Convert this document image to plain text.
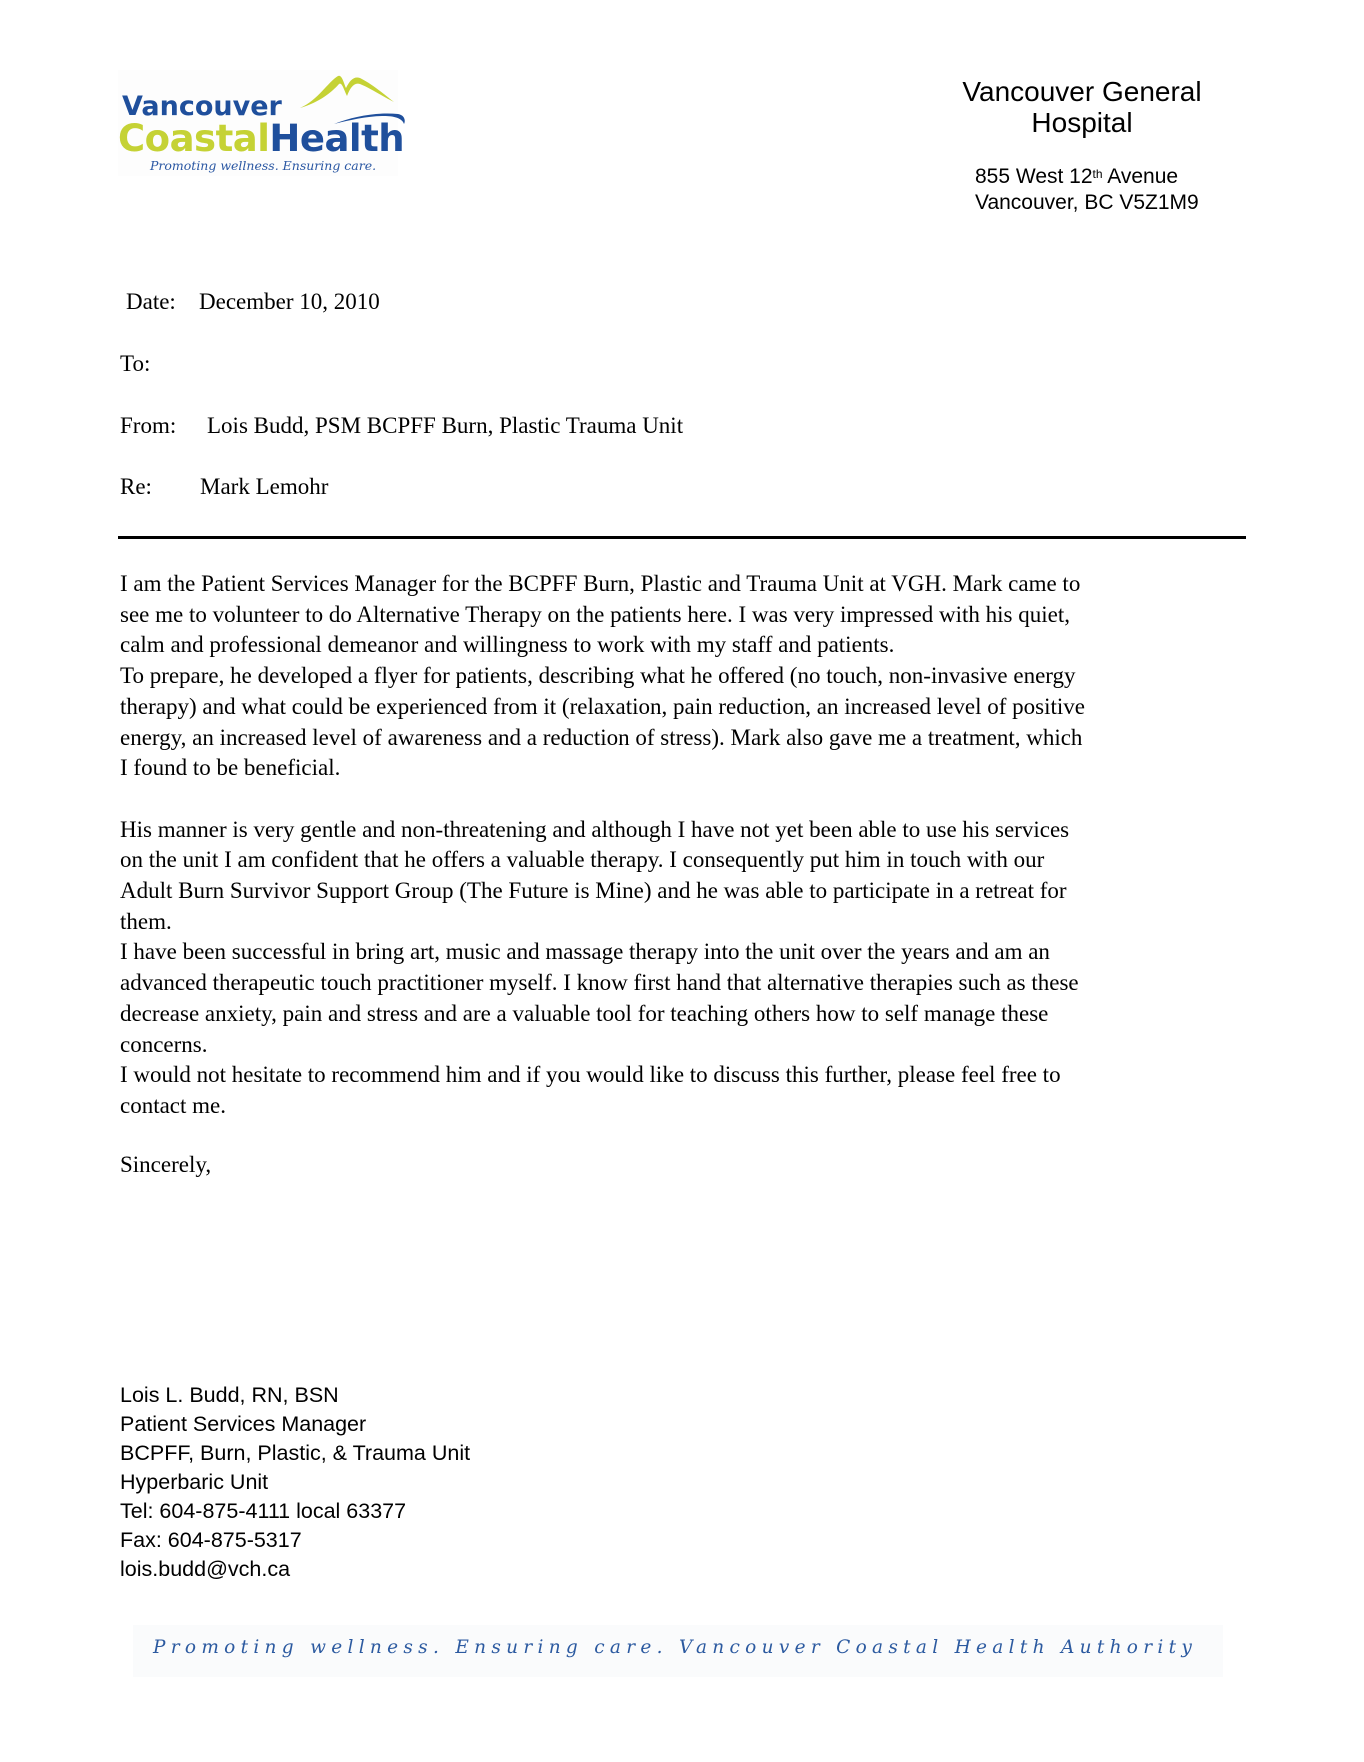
Vancouver
CoastalHealth
Promoting wellness. Ensuring care.
Vancouver General Hospital
855 West 12th Avenue
Vancouver, BC V5Z1M9
Date: December 10, 2010
To:
From: Lois Budd, PSM BCPFF Burn, Plastic Trauma Unit
Re: Mark Lemohr

I am the Patient Services Manager for the BCPFF Burn, Plastic and Trauma Unit at VGH. Mark came to
see me to volunteer to do Alternative Therapy on the patients here. I was very impressed with his quiet,
calm and professional demeanor and willingness to work with my staff and patients.
To prepare, he developed a flyer for patients, describing what he offered (no touch, non-invasive energy
therapy) and what could be experienced from it (relaxation, pain reduction, an increased level of positive
energy, an increased level of awareness and a reduction of stress). Mark also gave me a treatment, which
I found to be beneficial.

His manner is very gentle and non-threatening and although I have not yet been able to use his services
on the unit I am confident that he offers a valuable therapy. I consequently put him in touch with our
Adult Burn Survivor Support Group (The Future is Mine) and he was able to participate in a retreat for
them.
I have been successful in bring art, music and massage therapy into the unit over the years and am an
advanced therapeutic touch practitioner myself. I know first hand that alternative therapies such as these
decrease anxiety, pain and stress and are a valuable tool for teaching others how to self manage these
concerns.
I would not hesitate to recommend him and if you would like to discuss this further, please feel free to
contact me.

Sincerely,
Lois L. Budd, RN, BSN
Patient Services Manager
BCPFF, Burn, Plastic, & Trauma Unit
Hyperbaric Unit
Tel: 604-875-4111 local 63377
Fax: 604-875-5317
lois.budd@vch.ca
Promoting wellness. Ensuring care. Vancouver Coastal Health Authority
